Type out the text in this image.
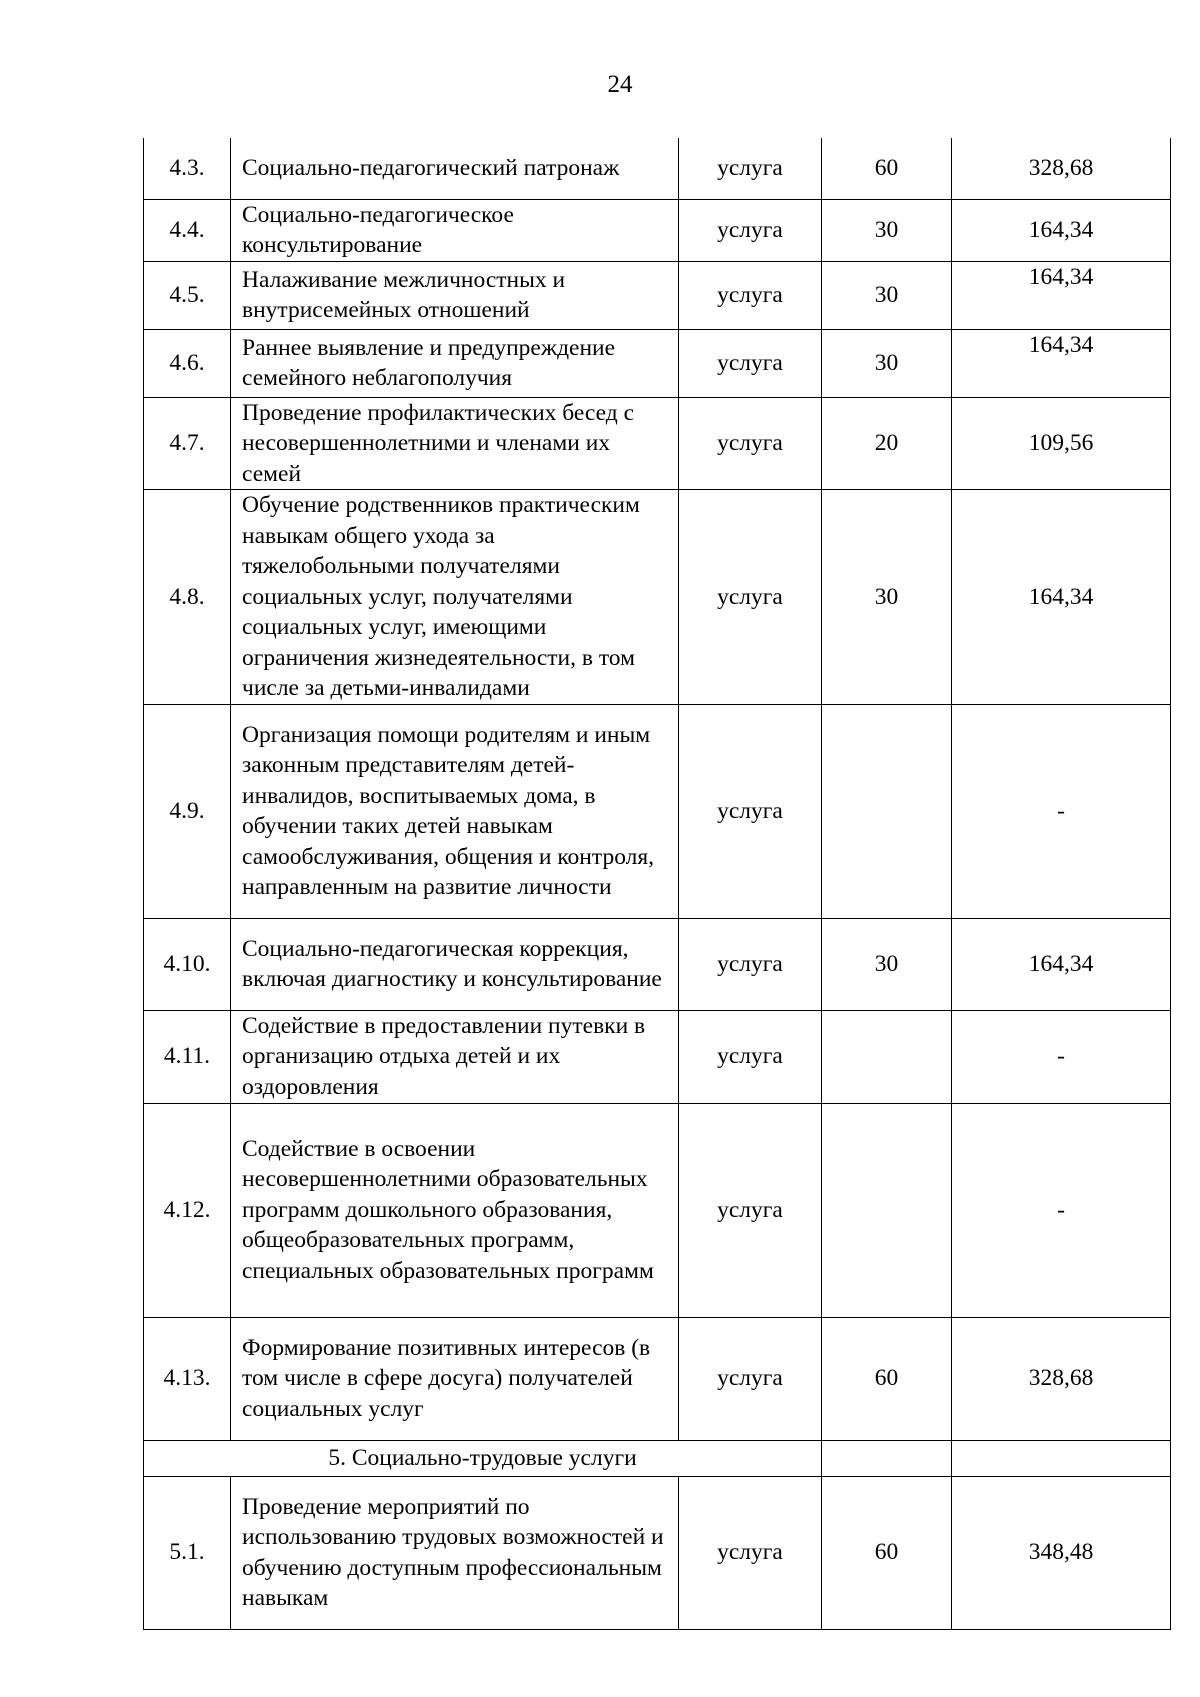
24
4.3.	Социально-педагогический патронаж	услуга	60	328,68
4.4.	Социально-педагогическое консультирование	услуга	30	164,34
4.5.	Налаживание межличностных и внутрисемейных отношений	услуга	30	164,34
4.6.	Раннее выявление и предупреждение семейного неблагополучия	услуга	30	164,34
4.7.	Проведение профилактических бесед с несовершеннолетними и членами их семей	услуга	20	109,56
4.8.	Обучение родственников практическим навыкам общего ухода за тяжелобольными получателями социальных услуг, получателями социальных услуг, имеющими ограничения жизнедеятельности, в том числе за детьми-инвалидами	услуга	30	164,34
4.9.	Организация помощи родителям и иным законным представителям детей-инвалидов, воспитываемых дома, в обучении таких детей навыкам самообслуживания, общения и контроля, направленным на развитие личности	услуга		-
4.10.	Социально-педагогическая коррекция, включая диагностику и консультирование	услуга	30	164,34
4.11.	Содействие в предоставлении путевки в организацию отдыха детей и их оздоровления	услуга		-
4.12.	Содействие в освоении несовершеннолетними образовательных программ дошкольного образования, общеобразовательных программ, специальных образовательных программ	услуга		-
4.13.	Формирование позитивных интересов (в том числе в сфере досуга) получателей социальных услуг	услуга	60	328,68
5. Социально-трудовые услуги				
5.1.	Проведение мероприятий по использованию трудовых возможностей и обучению доступным профессиональным навыкам	услуга	60	348,48
